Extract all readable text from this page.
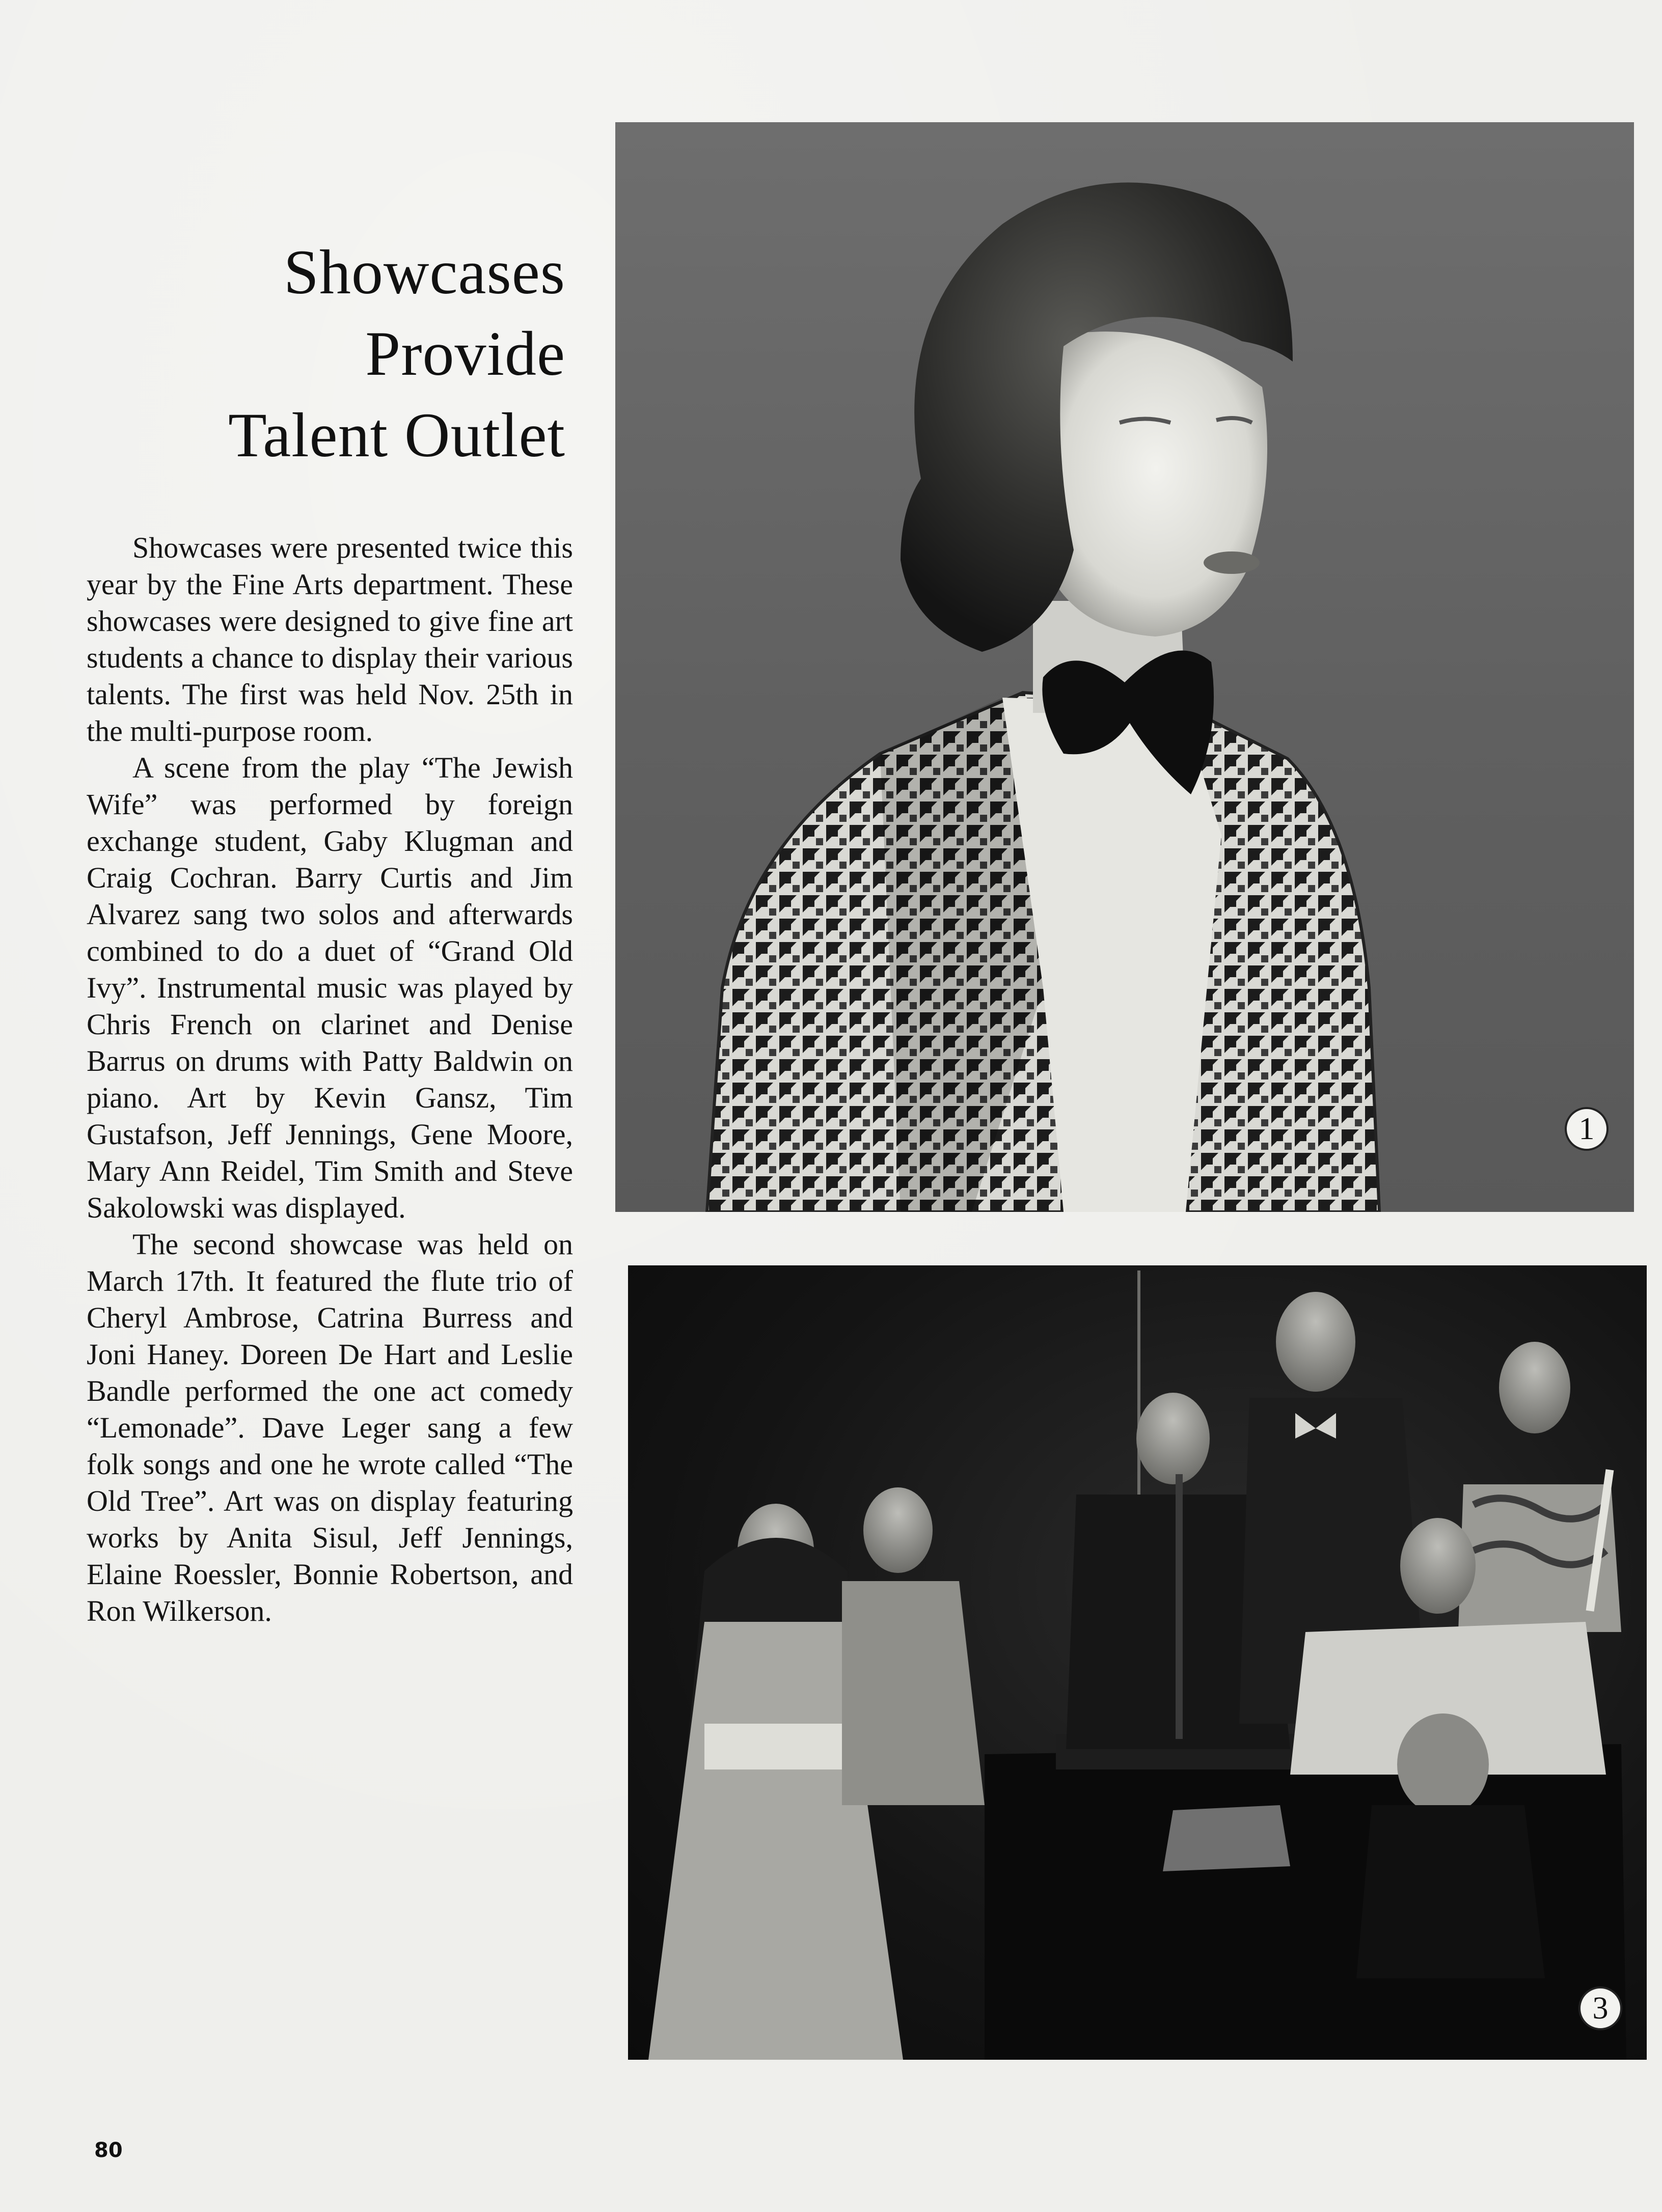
Showcases
Provide
Talent Outlet

Showcases were presented twice this year by the Fine Arts department. These showcases were designed to give fine art students a chance to display their various talents. The first was held Nov. 25th in the multi-purpose room.

A scene from the play “The Jewish Wife” was performed by foreign exchange student, Gaby Klugman and Craig Cochran. Barry Curtis and Jim Alvarez sang two solos and afterwards combined to do a duet of “Grand Old Ivy”. Instrumental music was played by Chris French on clarinet and Denise Barrus on drums with Patty Baldwin on piano. Art by Kevin Gansz, Tim Gustafson, Jeff Jennings, Gene Moore, Mary Ann Reidel, Tim Smith and Steve Sakolowski was displayed.

The second showcase was held on March 17th. It featured the flute trio of Cheryl Ambrose, Catrina Burress and Joni Haney. Doreen De Hart and Leslie Bandle performed the one act comedy “Lemonade”. Dave Leger sang a few folk songs and one he wrote called “The Old Tree”. Art was on display featuring works by Anita Sisul, Jeff Jennings, Elaine Roessler, Bonnie Robertson, and Ron Wilkerson.

1
3
80
